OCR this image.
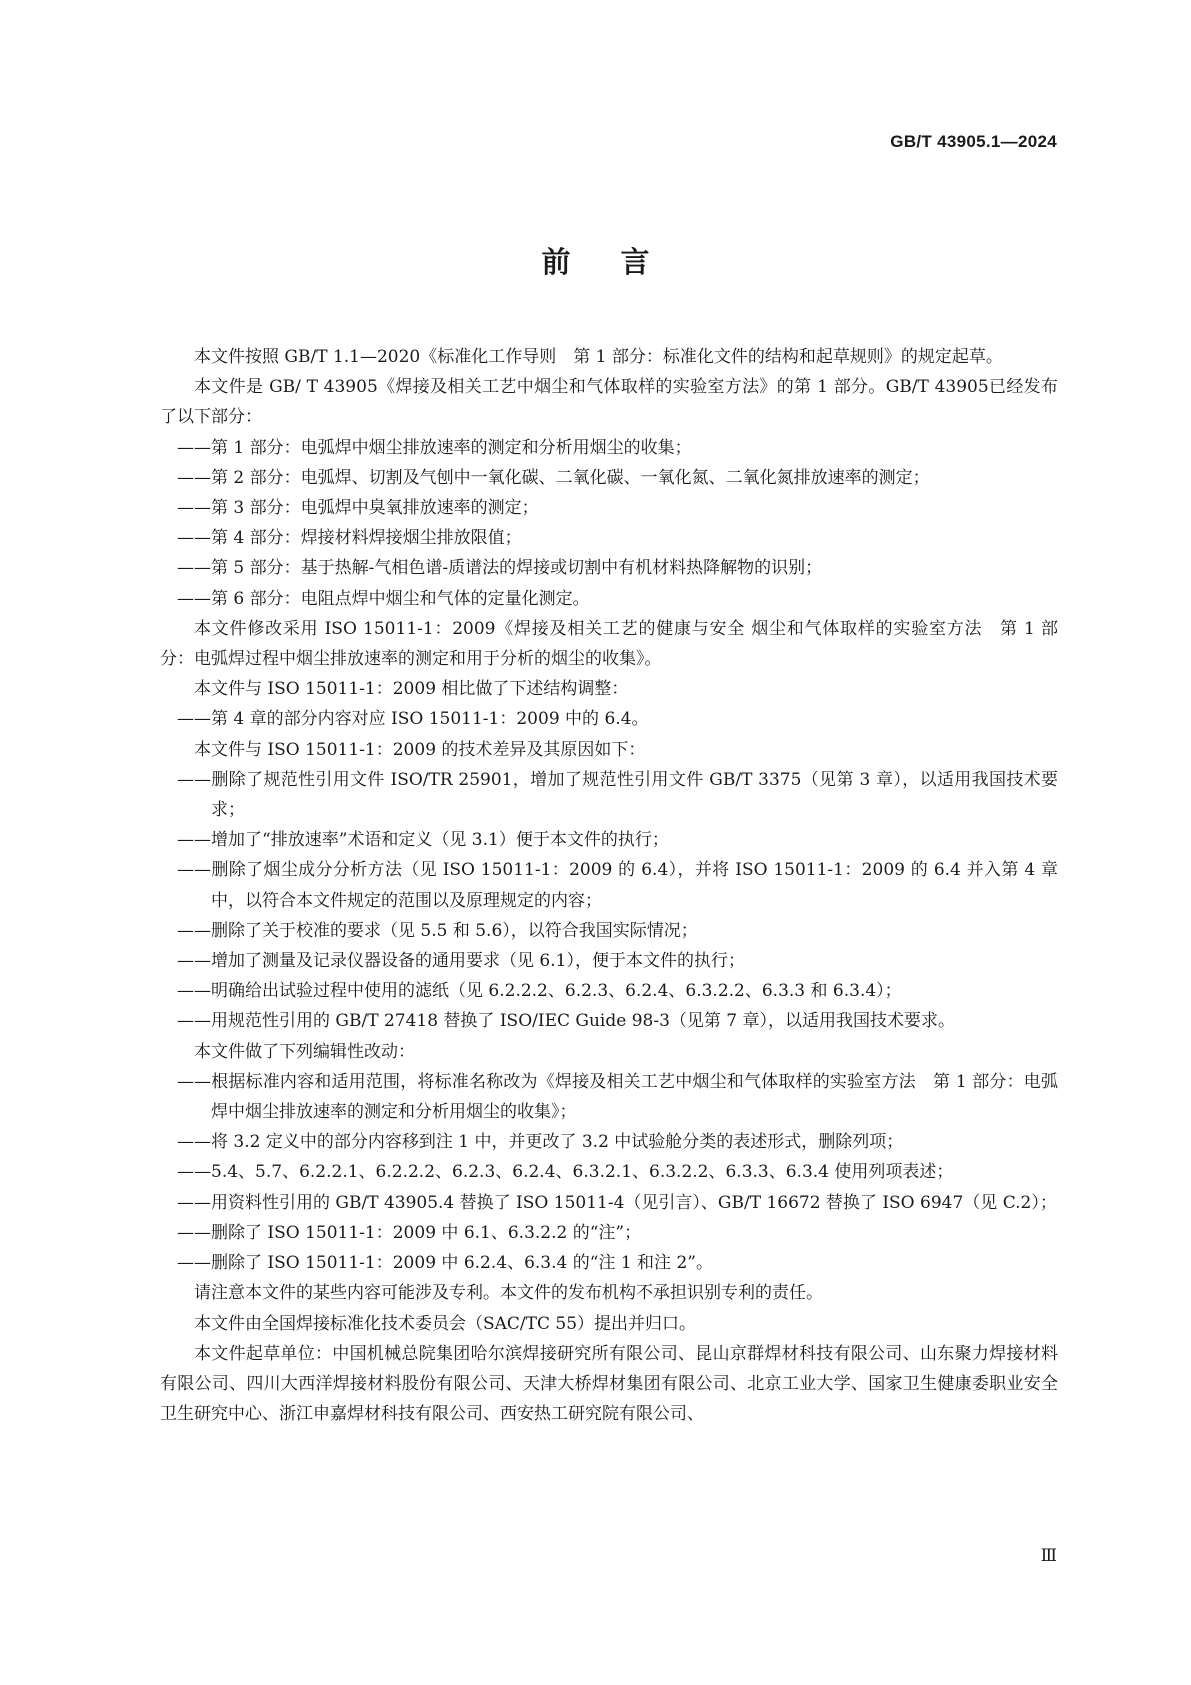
GB/T 43905.1—2024
前言

本文件按照 GB/T 1.1—2020《标准化工作导则　第 1 部分：标准化文件的结构和起草规则》的规定起草。

本文件是 GB/ T 43905《焊接及相关工艺中烟尘和气体取样的实验室方法》的第 1 部分。GB/T 43905已经发布了以下部分：

——第 1 部分：电弧焊中烟尘排放速率的测定和分析用烟尘的收集；

——第 2 部分：电弧焊、切割及气刨中一氧化碳、二氧化碳、一氧化氮、二氧化氮排放速率的测定；

——第 3 部分：电弧焊中臭氧排放速率的测定；

——第 4 部分：焊接材料焊接烟尘排放限值；

——第 5 部分：基于热解-气相色谱-质谱法的焊接或切割中有机材料热降解物的识别；

——第 6 部分：电阻点焊中烟尘和气体的定量化测定。

本文件修改采用 ISO 15011-1：2009《焊接及相关工艺的健康与安全 烟尘和气体取样的实验室方法　第 1 部分：电弧焊过程中烟尘排放速率的测定和用于分析的烟尘的收集》。

本文件与 ISO 15011-1：2009 相比做了下述结构调整：

——第 4 章的部分内容对应 ISO 15011-1：2009 中的 6.4。

本文件与 ISO 15011-1：2009 的技术差异及其原因如下：

——删除了规范性引用文件 ISO/TR 25901，增加了规范性引用文件 GB/T 3375（见第 3 章），以适用我国技术要求；

——增加了“排放速率”术语和定义（见 3.1）便于本文件的执行；

——删除了烟尘成分分析方法（见 ISO 15011-1：2009 的 6.4），并将 ISO 15011-1：2009 的 6.4 并入第 4 章中，以符合本文件规定的范围以及原理规定的内容；

——删除了关于校准的要求（见 5.5 和 5.6），以符合我国实际情况；

——增加了测量及记录仪器设备的通用要求（见 6.1），便于本文件的执行；

——明确给出试验过程中使用的滤纸（见 6.2.2.2、6.2.3、6.2.4、6.3.2.2、6.3.3 和 6.3.4）；

——用规范性引用的 GB/T 27418 替换了 ISO/IEC Guide 98-3（见第 7 章），以适用我国技术要求。

本文件做了下列编辑性改动：

——根据标准内容和适用范围，将标准名称改为《焊接及相关工艺中烟尘和气体取样的实验室方法　第 1 部分：电弧焊中烟尘排放速率的测定和分析用烟尘的收集》；

——将 3.2 定义中的部分内容移到注 1 中，并更改了 3.2 中试验舱分类的表述形式，删除列项；

——5.4、5.7、6.2.2.1、6.2.2.2、6.2.3、6.2.4、6.3.2.1、6.3.2.2、6.3.3、6.3.4 使用列项表述；

——用资料性引用的 GB/T 43905.4 替换了 ISO 15011-4（见引言）、GB/T 16672 替换了 ISO 6947（见 C.2）；

——删除了 ISO 15011-1：2009 中 6.1、6.3.2.2 的“注”；

——删除了 ISO 15011-1：2009 中 6.2.4、6.3.4 的“注 1 和注 2”。

请注意本文件的某些内容可能涉及专利。本文件的发布机构不承担识别专利的责任。

本文件由全国焊接标准化技术委员会（SAC/TC 55）提出并归口。

本文件起草单位：中国机械总院集团哈尔滨焊接研究所有限公司、昆山京群焊材科技有限公司、山东聚力焊接材料有限公司、四川大西洋焊接材料股份有限公司、天津大桥焊材集团有限公司、北京工业大学、国家卫生健康委职业安全卫生研究中心、浙江申嘉焊材科技有限公司、西安热工研究院有限公司、

Ⅲ
